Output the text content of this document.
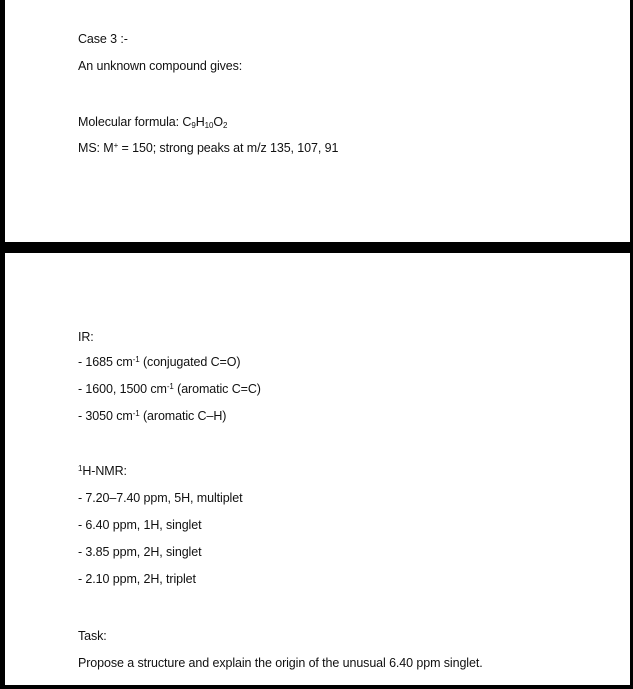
Case 3 :-
An unknown compound gives:
Molecular formula: $C_9H_{10}O_2$
MS: M+ = 150; strong peaks at m/z 135, 107, 91
IR:
- 1685 $cm^{-1}$ (conjugated C=O)
- 1600, 1500 $cm^{-1}$ (aromatic C=C)
- 3050 $cm^{-1}$ (aromatic C–H)
$^1$H-NMR:
- 7.20–7.40 ppm, 5H, multiplet
- 6.40 ppm, 1H, singlet
- 3.85 ppm, 2H, singlet
- 2.10 ppm, 2H, triplet
Task:
Propose a structure and explain the origin of the unusual 6.40 ppm singlet.
